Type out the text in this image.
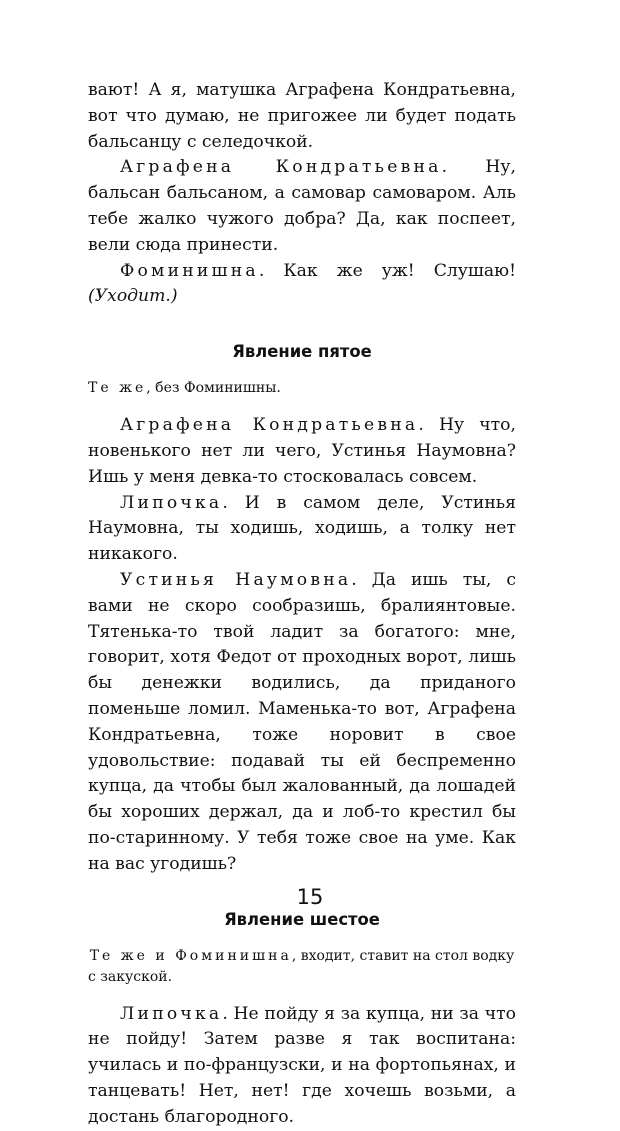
вают! А я, матушка Аграфена Кондратьевна, вот что думаю, не пригожее ли будет подать бальсанцу с селедочкой.

Аграфена Кондратьевна. Ну, бальсан бальсаном, а самовар самоваром. Аль тебе жалко чужого добра? Да, как поспеет, вели сюда принести.

Фоминишна. Как же уж! Слушаю! (Уходит.)

Явление пятое

Те же, без Фоминишны.

Аграфена Кондратьевна. Ну что, новенького нет ли чего, Устинья Наумовна? Ишь у меня девка-то стосковалась совсем.

Липочка. И в самом деле, Устинья Наумовна, ты ходишь, ходишь, а толку нет никакого.

Устинья Наумовна. Да ишь ты, с вами не скоро сообразишь, бралиянтовые. Тятенька-то твой ладит за богатого: мне, говорит, хотя Федот от проходных ворот, лишь бы денежки водились, да приданого поменьше ломил. Маменька-то вот, Аграфена Кондратьевна, тоже норовит в свое удовольствие: подавай ты ей беспременно купца, да чтобы был жалованный, да лошадей бы хороших держал, да и лоб-то крестил бы по-старинному. У тебя тоже свое на уме. Как на вас угодишь?

Явление шестое

Те же и Фоминишна, входит, ставит на стол водку с закуской.

Липочка. Не пойду я за купца, ни за что не пойду! Затем разве я так воспитана: училась и по-французски, и на фортопьянах, и танцевать! Нет, нет! где хочешь возьми, а достань благородного.

15
